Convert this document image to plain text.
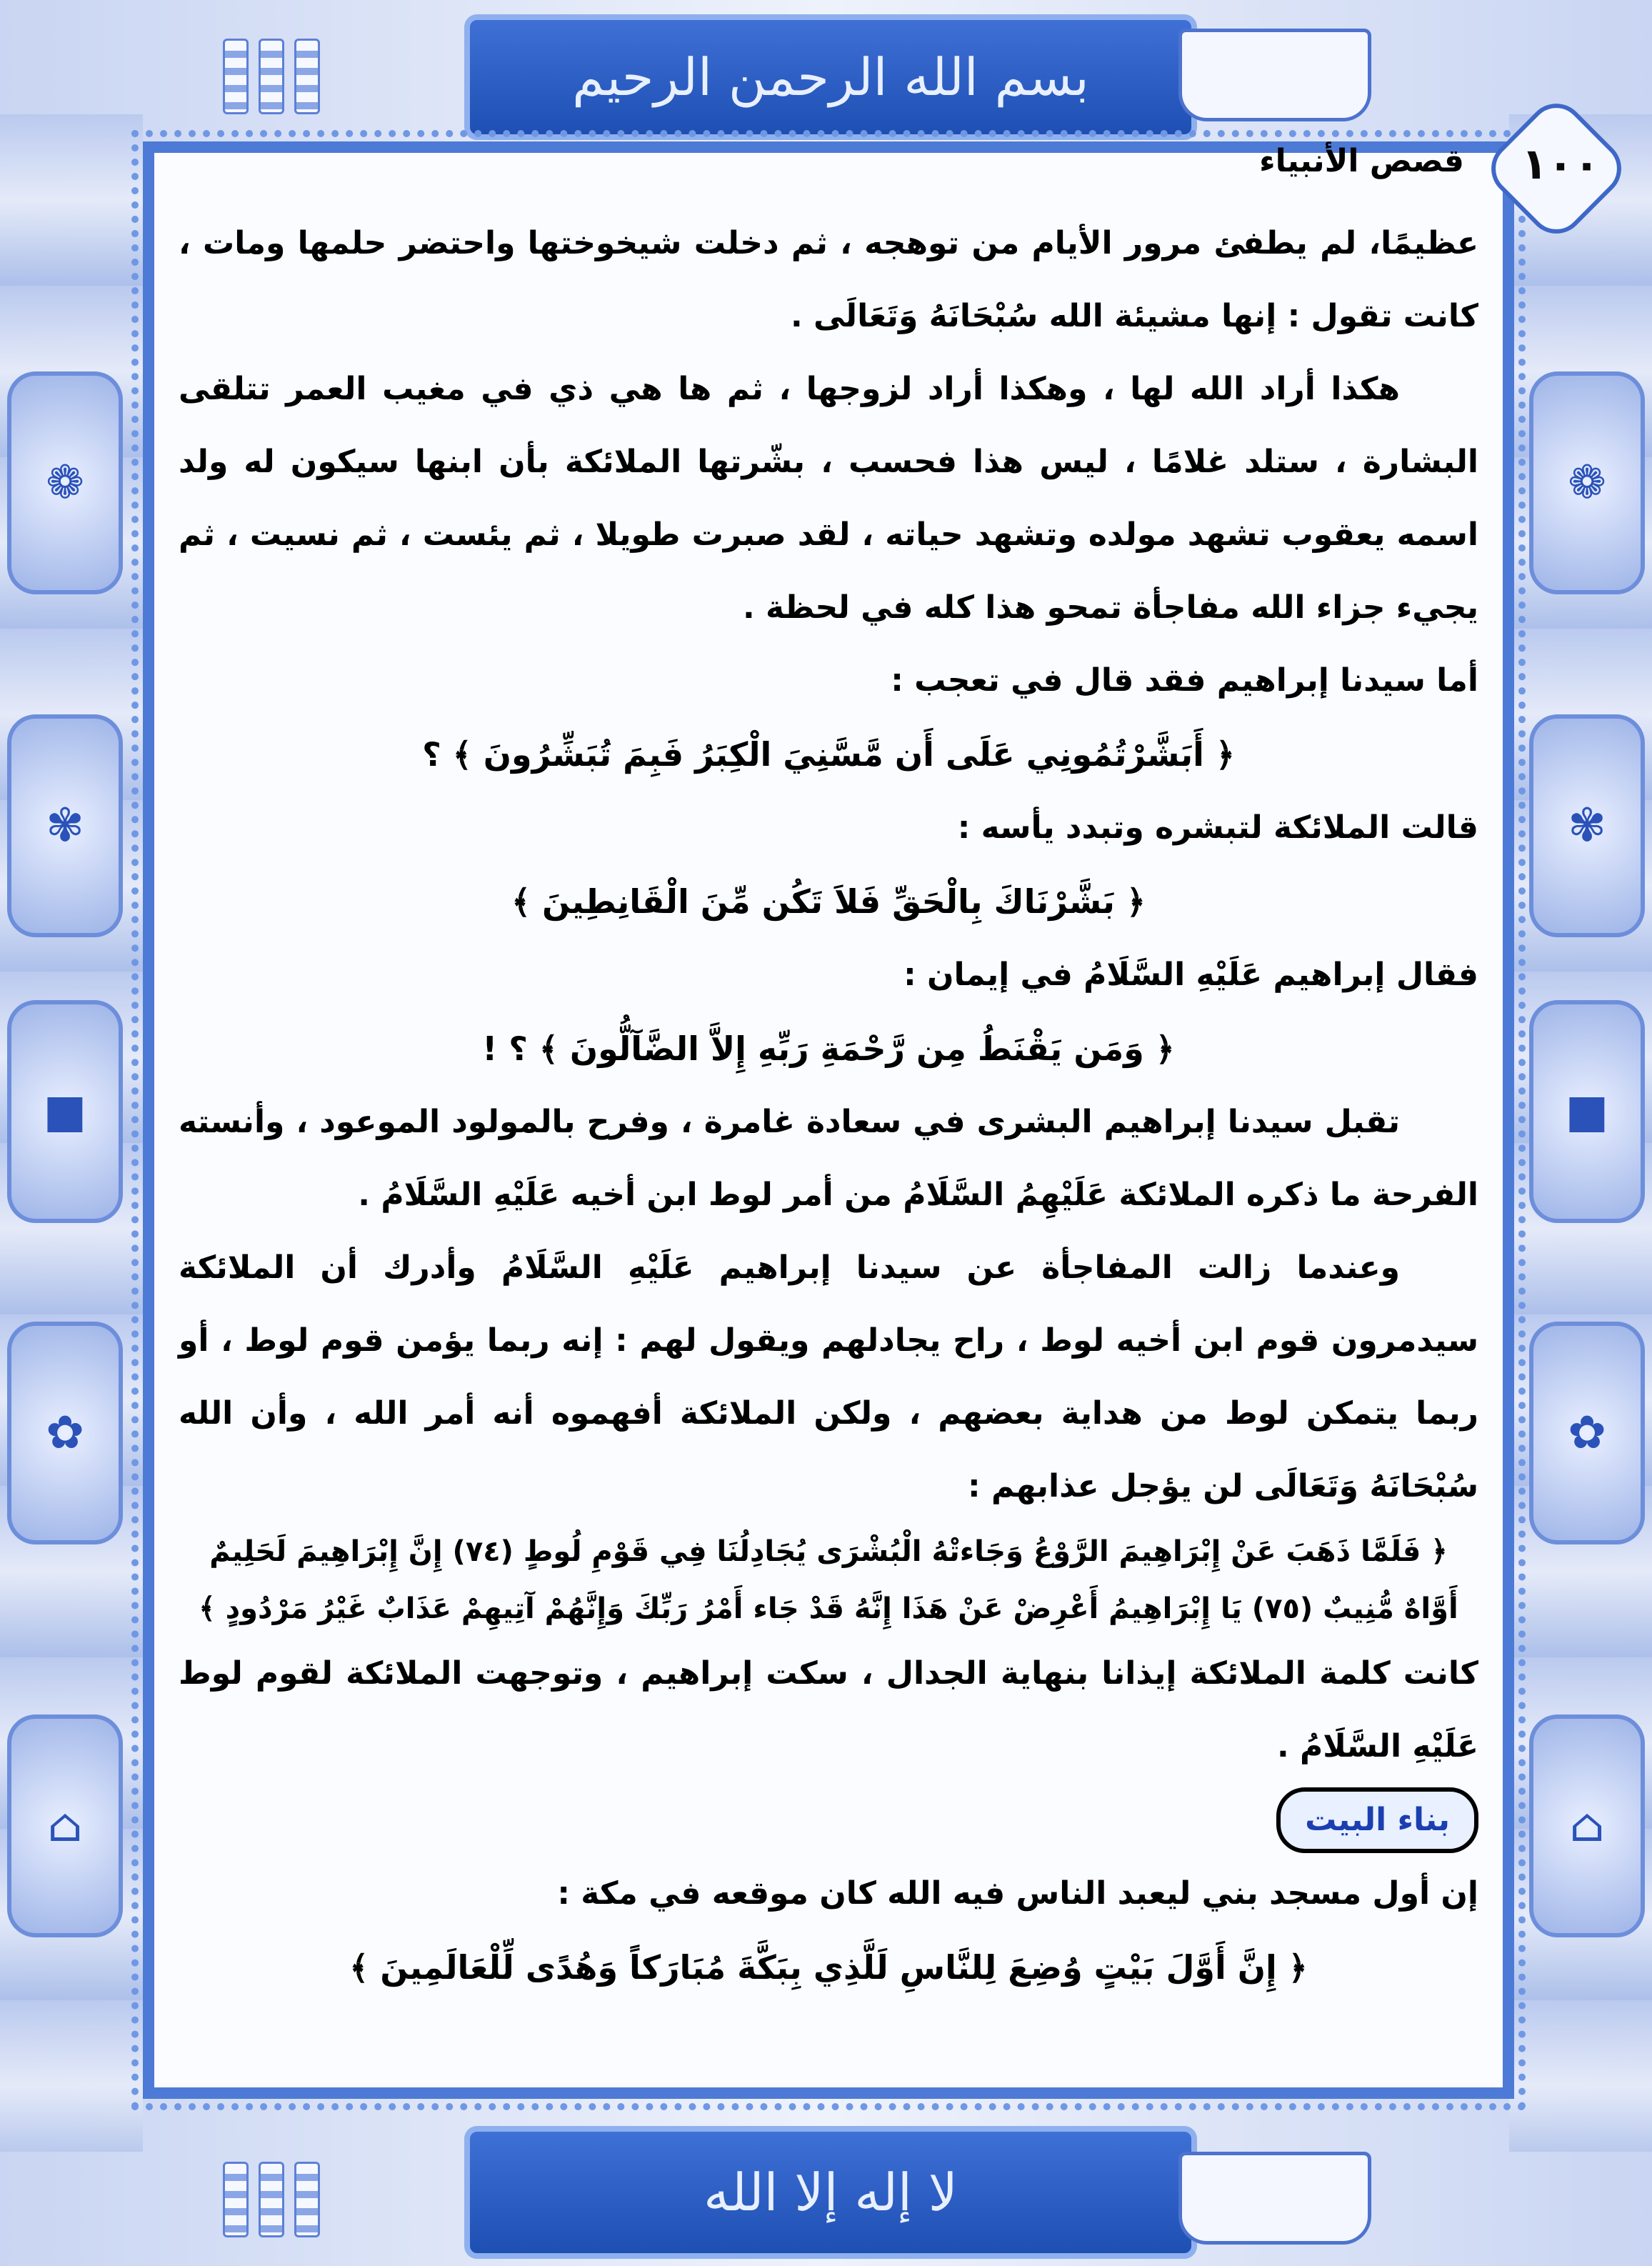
❁	❁
✾	✾
■	■
✿	✿
⌂	⌂
بسم الله الرحمن الرحيم
لا إله إلا الله
١٠٠
قصص الأنبياء

عظيمًا، لم يطفئ مرور الأيام من توهجه ، ثم دخلت شيخوختها واحتضر حلمها ومات ، كانت تقول : إنها مشيئة الله سُبْحَانَهُ وَتَعَالَى .

هكذا أراد الله لها ، وهكذا أراد لزوجها ، ثم ها هي ذي في مغيب العمر تتلقى البشارة ، ستلد غلامًا ، ليس هذا فحسب ، بشّرتها الملائكة بأن ابنها سيكون له ولد اسمه يعقوب تشهد مولده وتشهد حياته ، لقد صبرت طويلا ، ثم يئست ، ثم نسيت ، ثم يجيء جزاء الله مفاجأة تمحو هذا كله في لحظة .

أما سيدنا إبراهيم فقد قال في تعجب :

﴿ أَبَشَّرْتُمُونِي عَلَى أَن مَّسَّنِيَ الْكِبَرُ فَبِمَ تُبَشِّرُونَ ﴾ ؟

قالت الملائكة لتبشره وتبدد يأسه :

﴿ بَشَّرْنَاكَ بِالْحَقِّ فَلاَ تَكُن مِّنَ الْقَانِطِينَ ﴾

فقال إبراهيم عَلَيْهِ السَّلَامُ في إيمان :

﴿ وَمَن يَقْنَطُ مِن رَّحْمَةِ رَبِّهِ إِلاَّ الضَّآلُّونَ ﴾ ؟ !

تقبل سيدنا إبراهيم البشرى في سعادة غامرة ، وفرح بالمولود الموعود ، وأنسته الفرحة ما ذكره الملائكة عَلَيْهِمُ السَّلَامُ من أمر لوط ابن أخيه عَلَيْهِ السَّلَامُ .

وعندما زالت المفاجأة عن سيدنا إبراهيم عَلَيْهِ السَّلَامُ وأدرك أن الملائكة سيدمرون قوم ابن أخيه لوط ، راح يجادلهم ويقول لهم : إنه ربما يؤمن قوم لوط ، أو ربما يتمكن لوط من هداية بعضهم ، ولكن الملائكة أفهموه أنه أمر الله ، وأن الله سُبْحَانَهُ وَتَعَالَى لن يؤجل عذابهم :

﴿ فَلَمَّا ذَهَبَ عَنْ إِبْرَاهِيمَ الرَّوْعُ وَجَاءتْهُ الْبُشْرَى يُجَادِلُنَا فِي قَوْمِ لُوطٍ (٧٤) إِنَّ إِبْرَاهِيمَ لَحَلِيمٌ أَوَّاهٌ مُّنِيبٌ (٧٥) يَا إِبْرَاهِيمُ أَعْرِضْ عَنْ هَذَا إِنَّهُ قَدْ جَاء أَمْرُ رَبِّكَ وَإِنَّهُمْ آتِيهِمْ عَذَابٌ غَيْرُ مَرْدُودٍ ﴾

كانت كلمة الملائكة إيذانا بنهاية الجدال ، سكت إبراهيم ، وتوجهت الملائكة لقوم لوط عَلَيْهِ السَّلَامُ .

بناء البيت

إن أول مسجد بني ليعبد الناس فيه الله كان موقعه في مكة :

﴿ إِنَّ أَوَّلَ بَيْتٍ وُضِعَ لِلنَّاسِ لَلَّذِي بِبَكَّةَ مُبَارَكاً وَهُدًى لِّلْعَالَمِينَ ﴾
